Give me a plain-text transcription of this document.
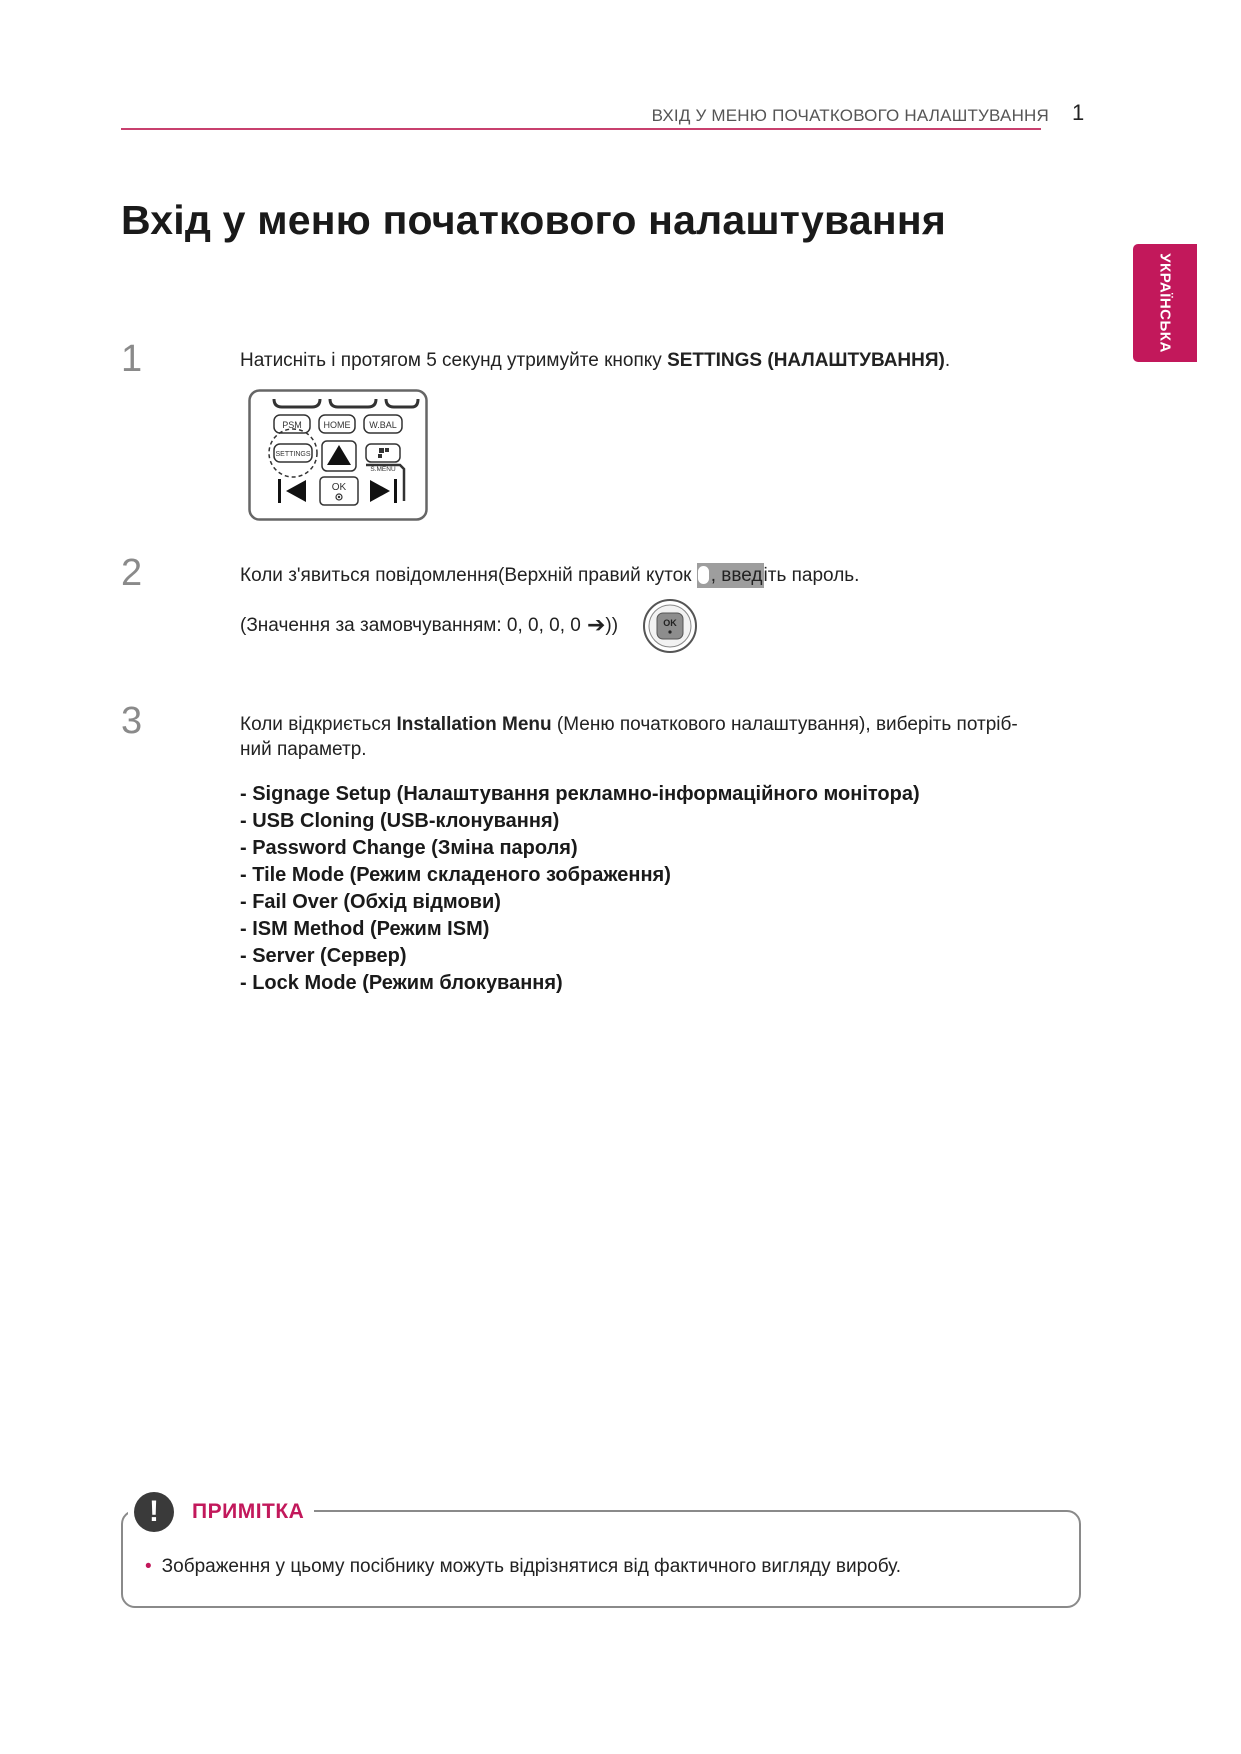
ВХІД У МЕНЮ ПОЧАТКОВОГО НАЛАШТУВАННЯ 1
УКРАЇНСЬКА
Вхід у меню початкового налаштування
1	Натисніть і протягом 5 секунд утримуйте кнопку SETTINGS (НАЛАШТУВАННЯ).
PSM HOME W.BAL
SETTINGS
S.MENU
OK
2	Коли з'явиться повідомлення(Верхній правий куток , введіть пароль.
(Значення за замовчуванням: 0, 0, 0, 0 ➔))	OK
3	Коли відкриється Installation Menu (Меню початкового налаштування), виберіть потріб-
ний параметр.
- Signage Setup (Налаштування рекламно-інформаційного монітора)
- USB Cloning (USB-клонування)
- Password Change (Зміна пароля)
- Tile Mode (Режим складеного зображення)
- Fail Over (Обхід відмови)
- ISM Method (Режим ISM)
- Server (Сервер)
- Lock Mode (Режим блокування)
!	ПРИМІТКА
• Зображення у цьому посібнику можуть відрізнятися від фактичного вигляду виробу.
